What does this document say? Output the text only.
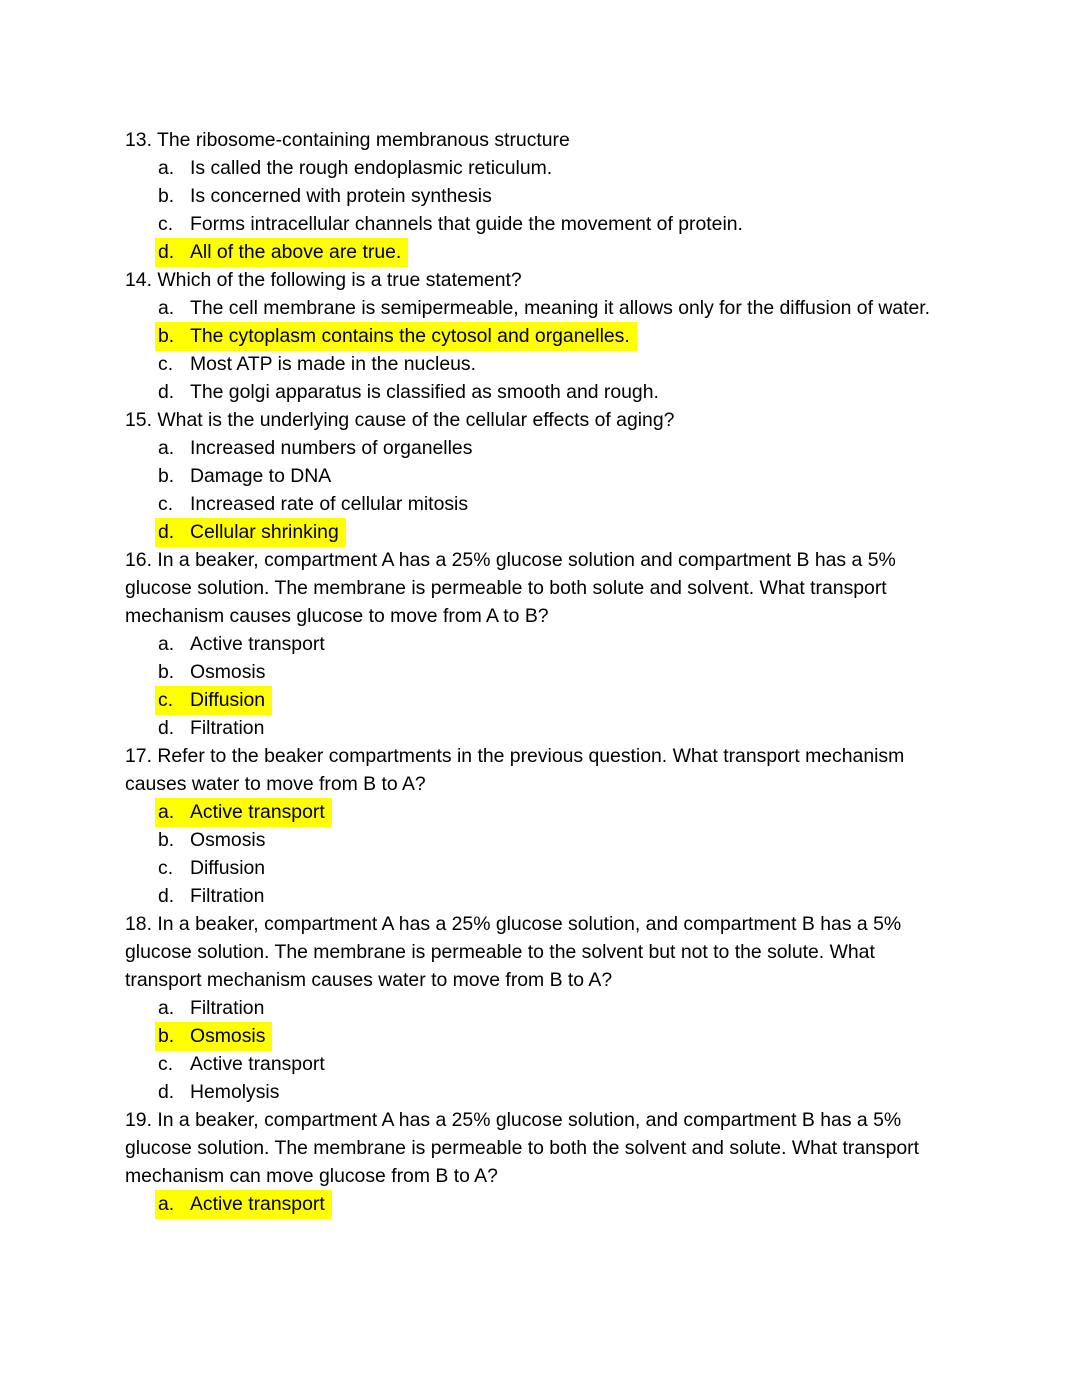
13. The ribosome-containing membranous structure

a. Is called the rough endoplasmic reticulum.
b. Is concerned with protein synthesis
c. Forms intracellular channels that guide the movement of protein.
d. All of the above are true.

14. Which of the following is a true statement?

a. The cell membrane is semipermeable, meaning it allows only for the diffusion of water.
b. The cytoplasm contains the cytosol and organelles.
c. Most ATP is made in the nucleus.
d. The golgi apparatus is classified as smooth and rough.

15. What is the underlying cause of the cellular effects of aging?

a. Increased numbers of organelles
b. Damage to DNA
c. Increased rate of cellular mitosis
d. Cellular shrinking

16. In a beaker, compartment A has a 25% glucose solution and compartment B has a 5% glucose solution. The membrane is permeable to both solute and solvent. What transport mechanism causes glucose to move from A to B?

a. Active transport
b. Osmosis
c. Diffusion
d. Filtration

17. Refer to the beaker compartments in the previous question. What transport mechanism causes water to move from B to A?

a. Active transport
b. Osmosis
c. Diffusion
d. Filtration

18. In a beaker, compartment A has a 25% glucose solution, and compartment B has a 5% glucose solution. The membrane is permeable to the solvent but not to the solute. What transport mechanism causes water to move from B to A?

a. Filtration
b. Osmosis
c. Active transport
d. Hemolysis

19. In a beaker, compartment A has a 25% glucose solution, and compartment B has a 5% glucose solution. The membrane is permeable to both the solvent and solute. What transport mechanism can move glucose from B to A?

a. Active transport
